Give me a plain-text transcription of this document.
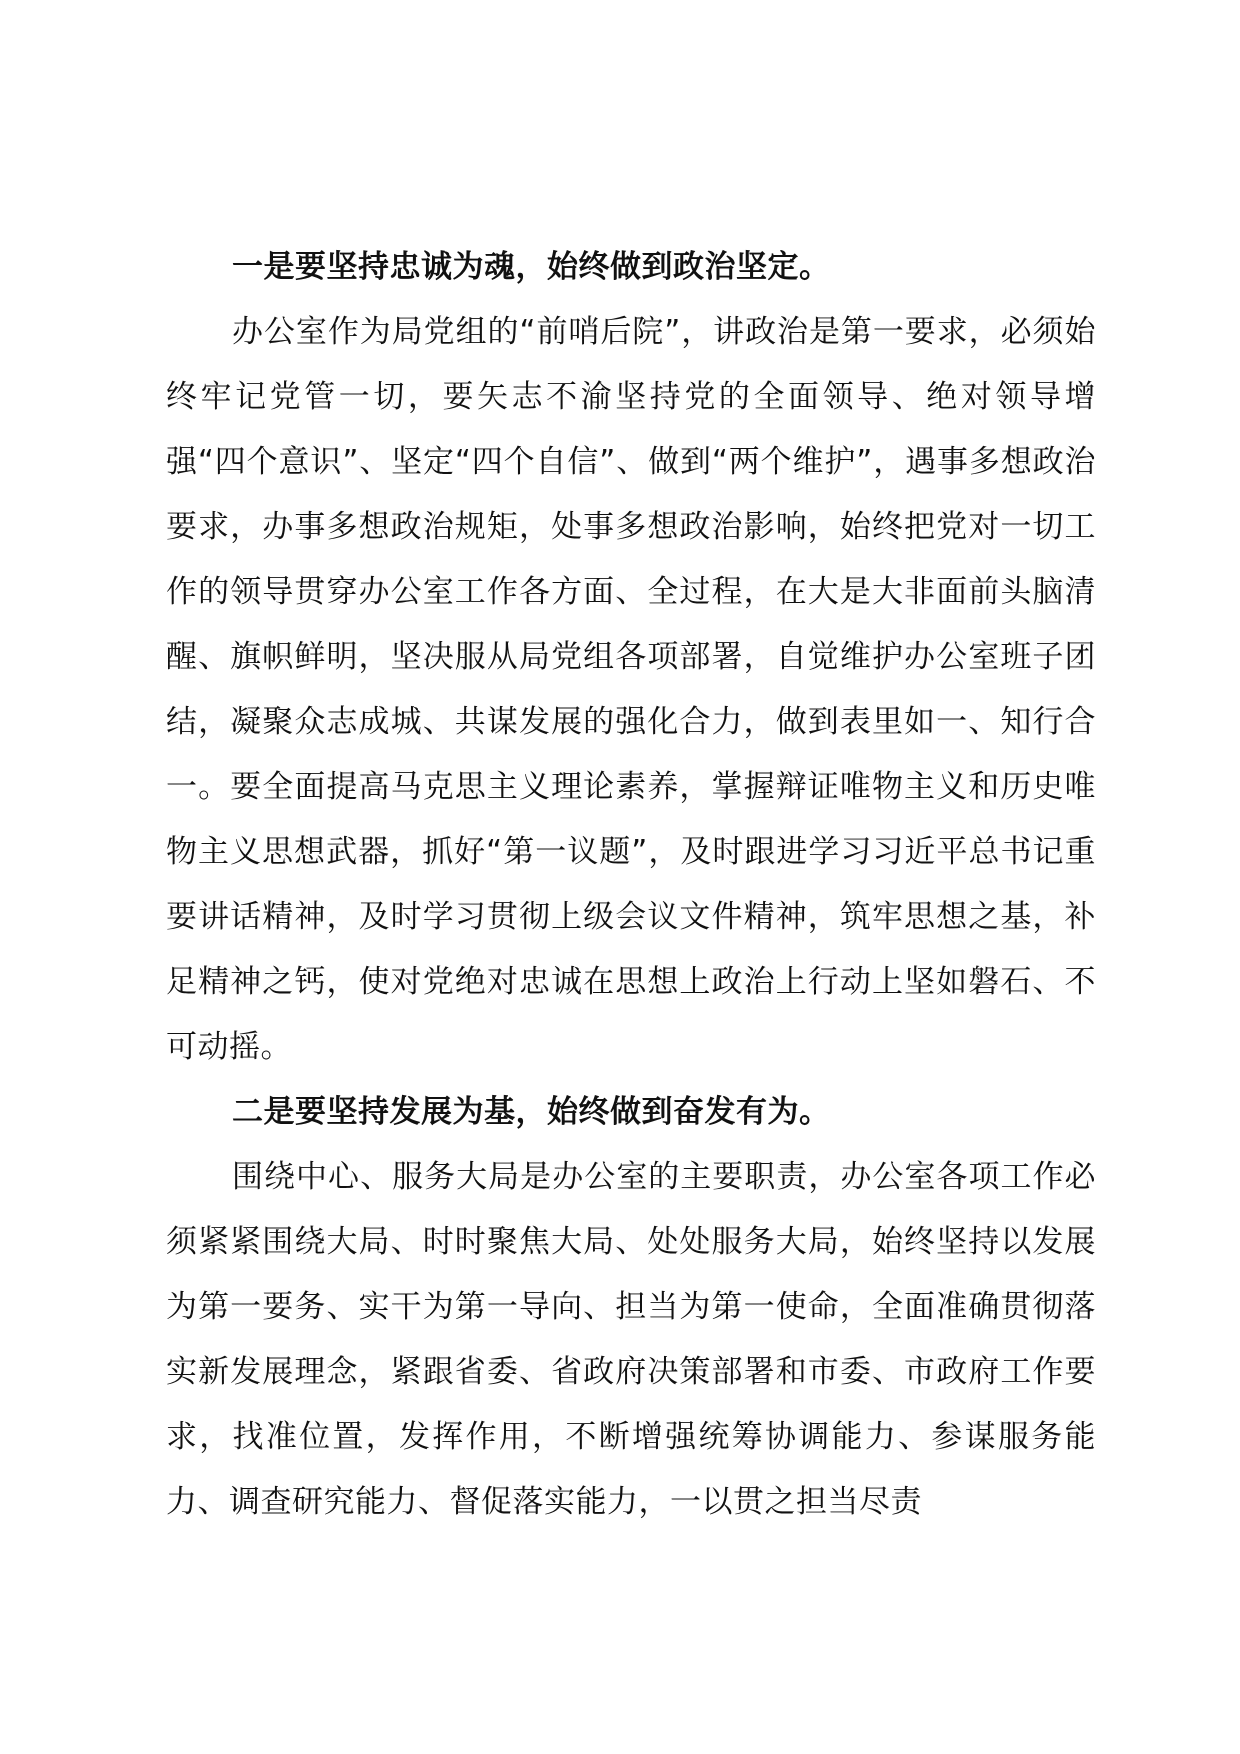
一是要坚持忠诚为魂，始终做到政治坚定。

办公室作为局党组的“前哨后院”，讲政治是第一要求，必须始终牢记党管一切，要矢志不渝坚持党的全面领导、绝对领导增强“四个意识”、坚定“四个自信”、做到“两个维护”，遇事多想政治要求，办事多想政治规矩，处事多想政治影响，始终把党对一切工作的领导贯穿办公室工作各方面、全过程，在大是大非面前头脑清醒、旗帜鲜明，坚决服从局党组各项部署，自觉维护办公室班子团结，凝聚众志成城、共谋发展的强化合力，做到表里如一、知行合一。要全面提高马克思主义理论素养，掌握辩证唯物主义和历史唯物主义思想武器，抓好“第一议题”，及时跟进学习习近平总书记重要讲话精神，及时学习贯彻上级会议文件精神，筑牢思想之基，补足精神之钙，使对党绝对忠诚在思想上政治上行动上坚如磐石、不可动摇。

二是要坚持发展为基，始终做到奋发有为。

围绕中心、服务大局是办公室的主要职责，办公室各项工作必须紧紧围绕大局、时时聚焦大局、处处服务大局，始终坚持以发展为第一要务、实干为第一导向、担当为第一使命，全面准确贯彻落实新发展理念，紧跟省委、省政府决策部署和市委、市政府工作要求，找准位置，发挥作用，不断增强统筹协调能力、参谋服务能力、调查研究能力、督促落实能力，一以贯之担当尽责
